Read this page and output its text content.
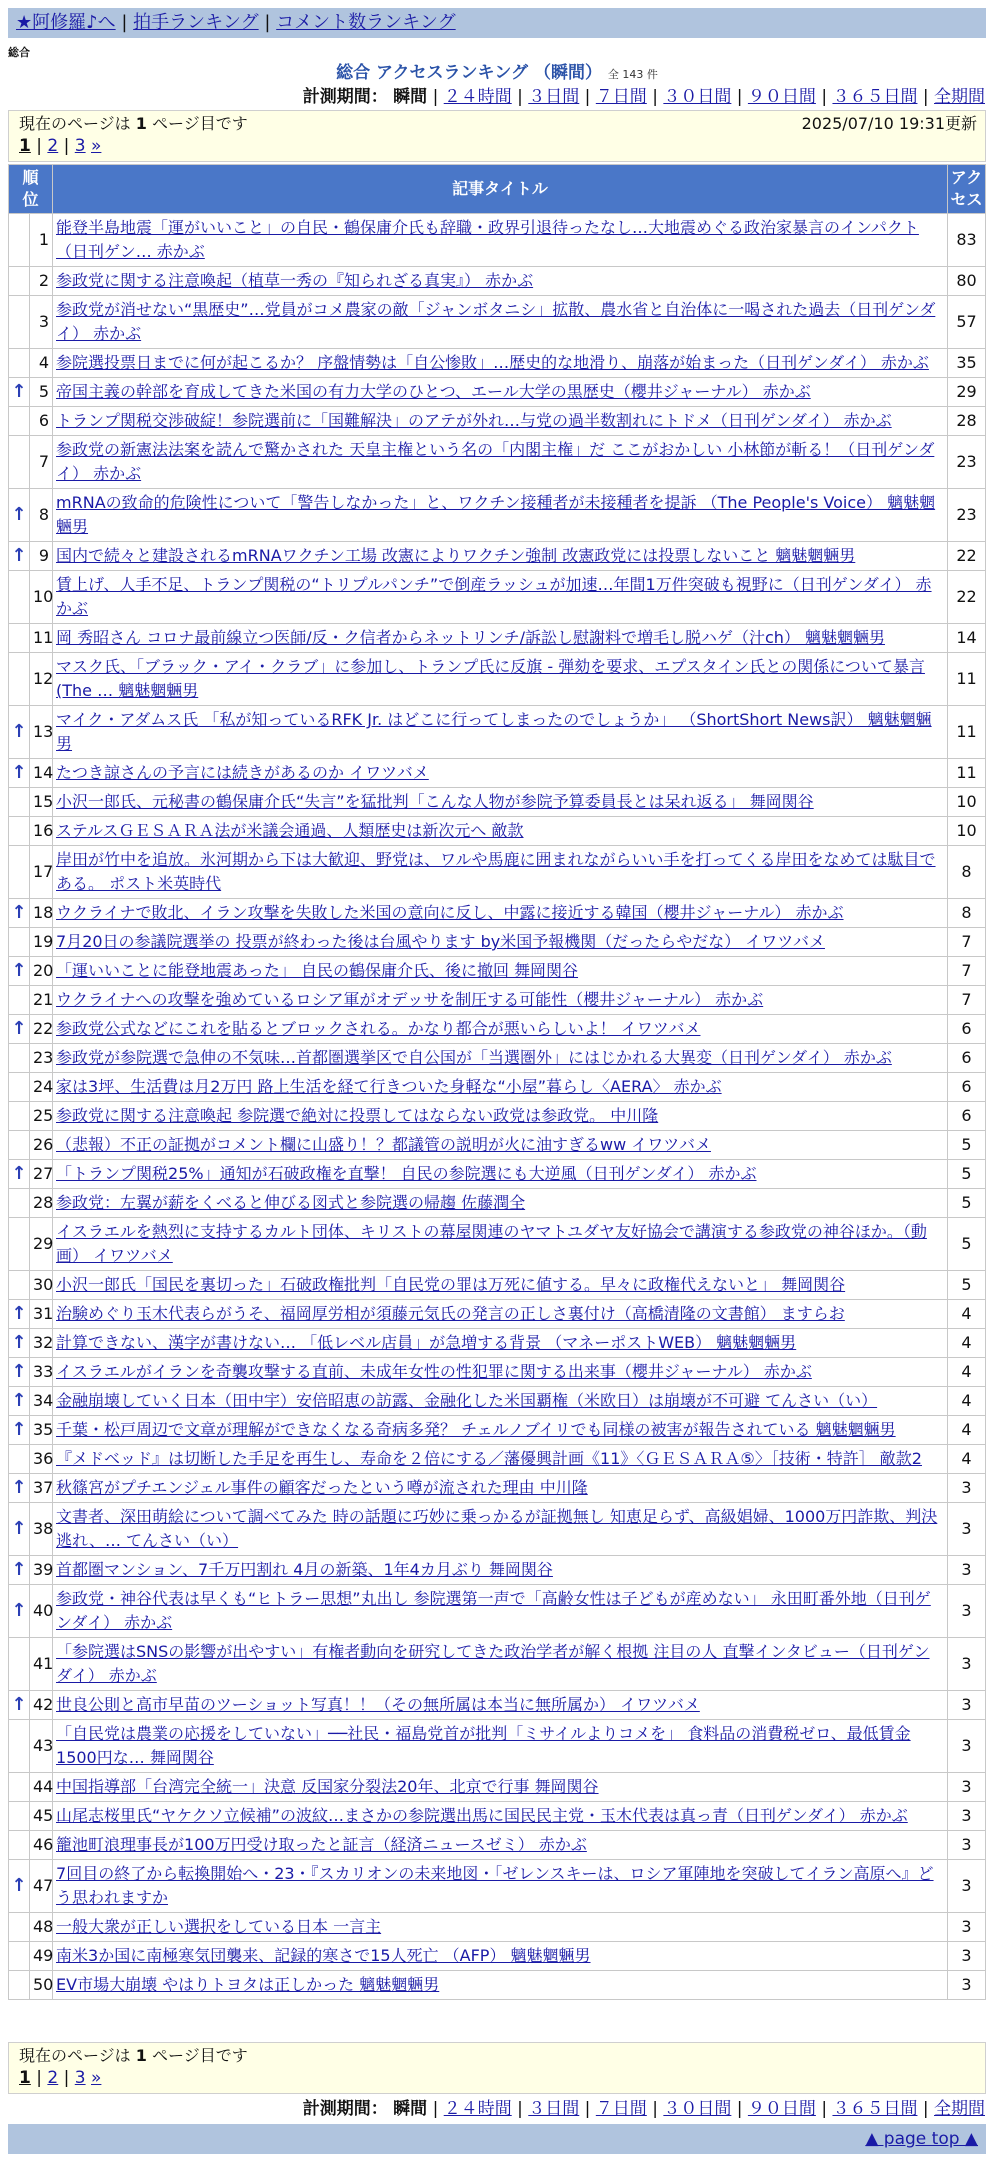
★阿修羅♪へ | 拍手ランキング | コメント数ランキング
総合
総合 アクセスランキング （瞬間） 全 143 件
計測期間： 瞬間 | ２４時間 | ３日間 | ７日間 | ３０日間 | ９０日間 | ３６５日間 | 全期間
現在のページは 1 ページ目です	2025/07/10 19:31更新
1 | 2 | 3 »
順位		記事タイトル	アクセス
	1	能登半島地震「運がいいこと」の自民・鶴保庸介氏も辞職・政界引退待ったなし…大地震めぐる政治家暴言のインパクト（日刊ゲン… 赤かぶ	83
	2	参政党に関する注意喚起（植草一秀の『知られざる真実』） 赤かぶ	80
	3	参政党が消せない“黒歴史”…党員がコメ農家の敵「ジャンボタニシ」拡散、農水省と自治体に一喝された過去（日刊ゲンダイ） 赤かぶ	57
	4	参院選投票日までに何が起こるか？ 序盤情勢は「自公惨敗」…歴史的な地滑り、崩落が始まった（日刊ゲンダイ） 赤かぶ	35
↑	5	帝国主義の幹部を育成してきた米国の有力大学のひとつ、エール大学の黒歴史（櫻井ジャーナル） 赤かぶ	29
	6	トランプ関税交渉破綻！参院選前に「国難解決」のアテが外れ…与党の過半数割れにトドメ（日刊ゲンダイ） 赤かぶ	28
	7	参政党の新憲法法案を読んで驚かされた 天皇主権という名の「内閣主権」だ ここがおかしい 小林節が斬る！（日刊ゲンダイ） 赤かぶ	23
↑	8	mRNAの致命的危険性について「警告しなかった」と、ワクチン接種者が未接種者を提訴 （The People's Voice） 魑魅魍魎男	23
↑	9	国内で続々と建設されるmRNAワクチン工場 改憲によりワクチン強制 改憲政党には投票しないこと 魑魅魍魎男	22
	10	賃上げ、人手不足、トランプ関税の“トリプルパンチ”で倒産ラッシュが加速…年間1万件突破も視野に（日刊ゲンダイ） 赤かぶ	22
	11	岡 秀昭さん コロナ最前線立つ医師/反・ク信者からネットリンチ/訴訟し慰謝料で増毛し脱ハゲ（汁ch） 魑魅魍魎男	14
	12	マスク氏、「ブラック・アイ・クラブ」に参加し、トランプ氏に反旗 - 弾劾を要求、エプスタイン氏との関係について暴言 (The … 魑魅魍魎男	11
↑	13	マイク・アダムス氏 「私が知っているRFK Jr. はどこに行ってしまったのでしょうか」 （ShortShort News訳） 魑魅魍魎男	11
↑	14	たつき諒さんの予言には続きがあるのか イワツバメ	11
	15	小沢一郎氏、元秘書の鶴保庸介氏“失言”を猛批判「こんな人物が参院予算委員長とは呆れ返る」 舞岡関谷	10
	16	ステルスＧＥＳＡＲＡ法が米議会通過、人類歴史は新次元へ 敵款	10
	17	岸田が竹中を追放。氷河期から下は大歓迎、野党は、ワルや馬鹿に囲まれながらいい手を打ってくる岸田をなめては駄目である。 ポスト米英時代	8
↑	18	ウクライナで敗北、イラン攻撃を失敗した米国の意向に反し、中露に接近する韓国（櫻井ジャーナル） 赤かぶ	8
	19	7月20日の参議院選挙の 投票が終わった後は台風やります by米国予報機関（だったらやだな） イワツバメ	7
↑	20	「運いいことに能登地震あった」 自民の鶴保庸介氏、後に撤回 舞岡関谷	7
	21	ウクライナへの攻撃を強めているロシア軍がオデッサを制圧する可能性（櫻井ジャーナル） 赤かぶ	7
↑	22	参政党公式などにこれを貼るとブロックされる。かなり都合が悪いらしいよ！ イワツバメ	6
	23	参政党が参院選で急伸の不気味…首都圏選挙区で自公国が「当選圏外」にはじかれる大異変（日刊ゲンダイ） 赤かぶ	6
	24	家は3坪、生活費は月2万円 路上生活を経て行きついた身軽な“小屋”暮らし〈AERA〉 赤かぶ	6
	25	参政党に関する注意喚起 参院選で絶対に投票してはならない政党は参政党。 中川隆	6
	26	（悲報）不正の証拠がコメント欄に山盛り！？都議管の説明が火に油すぎるww イワツバメ	5
↑	27	「トランプ関税25%」通知が石破政権を直撃！ 自民の参院選にも大逆風（日刊ゲンダイ） 赤かぶ	5
	28	参政党：左翼が薪をくべると伸びる図式と参院選の帰趨 佐藤潤全	5
	29	イスラエルを熱烈に支持するカルト団体、キリストの幕屋関連のヤマトユダヤ友好協会で講演する参政党の神谷ほか。（動画） イワツバメ	5
	30	小沢一郎氏「国民を裏切った」石破政権批判「自民党の罪は万死に値する。早々に政権代えないと」 舞岡関谷	5
↑	31	治験めぐり玉木代表らがうそ、福岡厚労相が須藤元気氏の発言の正しさ裏付け（高橋清隆の文書館） ますらお	4
↑	32	計算できない、漢字が書けない… 「低レベル店員」が急増する背景 （マネーポストWEB） 魑魅魍魎男	4
↑	33	イスラエルがイランを奇襲攻撃する直前、未成年女性の性犯罪に関する出来事（櫻井ジャーナル） 赤かぶ	4
↑	34	金融崩壊していく日本（田中宇）安倍昭恵の訪露、金融化した米国覇権（米欧日）は崩壊が不可避 てんさい（い）	4
↑	35	千葉・松戸周辺で文章が理解ができなくなる奇病多発？ チェルノブイリでも同様の被害が報告されている 魑魅魍魎男	4
	36	『メドベッド』は切断した手足を再生し、寿命を２倍にする／藩優興計画《11》〈ＧＥＳＡＲＡ⑤〉［技術・特許］ 敵款2	4
↑	37	秋篠宮がプチエンジェル事件の顧客だったという噂が流された理由 中川隆	3
↑	38	文書者、深田萌絵について調べてみた 時の話題に巧妙に乗っかるが証拠無し 知恵足らず、高級娼婦、1000万円詐欺、判決逃れ、… てんさい（い）	3
↑	39	首都圏マンション、7千万円割れ 4月の新築、1年4カ月ぶり 舞岡関谷	3
↑	40	参政党・神谷代表は早くも“ヒトラー思想”丸出し 参院選第一声で「高齢女性は子どもが産めない」 永田町番外地（日刊ゲンダイ） 赤かぶ	3
	41	「参院選はSNSの影響が出やすい」有権者動向を研究してきた政治学者が解く根拠 注目の人 直撃インタビュー（日刊ゲンダイ） 赤かぶ	3
↑	42	世良公則と高市早苗のツーショット写真！！（その無所属は本当に無所属か） イワツバメ	3
	43	「自民党は農業の応援をしていない」──社民・福島党首が批判「ミサイルよりコメを」 食料品の消費税ゼロ、最低賃金1500円な… 舞岡関谷	3
	44	中国指導部「台湾完全統一」決意 反国家分裂法20年、北京で行事 舞岡関谷	3
	45	山尾志桜里氏“ヤケクソ立候補”の波紋…まさかの参院選出馬に国民民主党・玉木代表は真っ青（日刊ゲンダイ） 赤かぶ	3
	46	籠池町浪理事長が100万円受け取ったと証言（経済ニュースゼミ） 赤かぶ	3
↑	47	7回目の終了から転換開始へ・23・『スカリオンの未来地図・「ゼレンスキーは、ロシア軍陣地を突破してイラン高原へ』どう思われますか	3
	48	一般大衆が正しい選択をしている日本 一言主	3
	49	南米3か国に南極寒気団襲来、記録的寒さで15人死亡 （AFP） 魑魅魍魎男	3
	50	EV市場大崩壊 やはりトヨタは正しかった 魑魅魍魎男	3
現在のページは 1 ページ目です
1 | 2 | 3 »
計測期間： 瞬間 | ２４時間 | ３日間 | ７日間 | ３０日間 | ９０日間 | ３６５日間 | 全期間
▲ page top ▲
